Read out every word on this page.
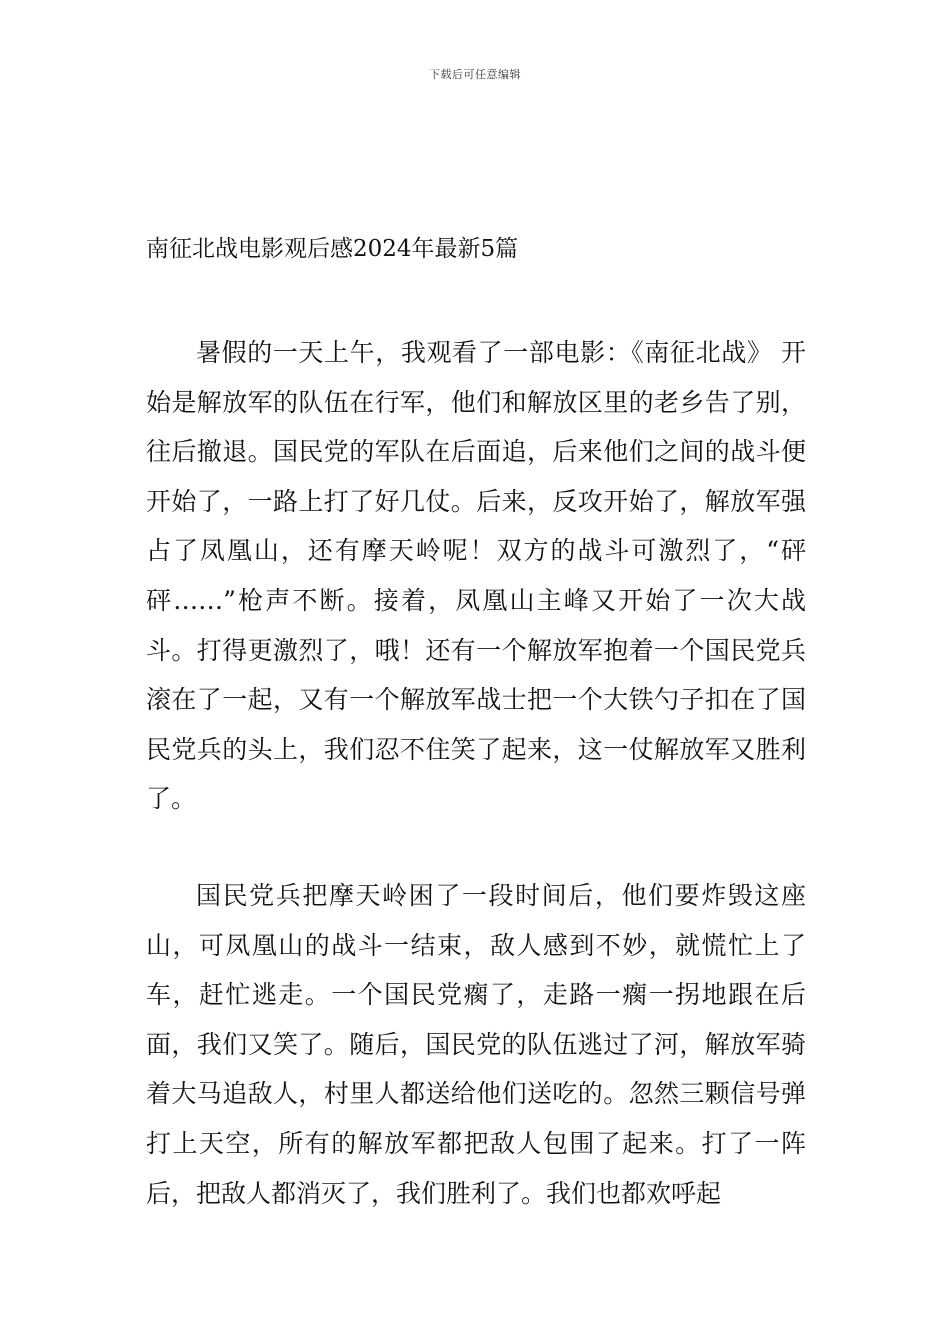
下载后可任意编辑
南征北战电影观后感2024年最新5篇

暑假的一天上午，我观看了一部电影：《南征北战》 开始是解放军的队伍在行军，他们和解放区里的老乡告了别，往后撤退。国民党的军队在后面追，后来他们之间的战斗便开始了，一路上打了好几仗。后来，反攻开始了，解放军强占了凤凰山，还有摩天岭呢！双方的战斗可激烈了，“砰砰……”枪声不断。接着，凤凰山主峰又开始了一次大战斗。打得更激烈了，哦！还有一个解放军抱着一个国民党兵滚在了一起，又有一个解放军战士把一个大铁勺子扣在了国民党兵的头上，我们忍不住笑了起来，这一仗解放军又胜利了。

国民党兵把摩天岭困了一段时间后，他们要炸毁这座山，可凤凰山的战斗一结束，敌人感到不妙，就慌忙上了车，赶忙逃走。一个国民党瘸了，走路一瘸一拐地跟在后面，我们又笑了。随后，国民党的队伍逃过了河，解放军骑着大马追敌人，村里人都送给他们送吃的。忽然三颗信号弹打上天空，所有的解放军都把敌人包围了起来。打了一阵后，把敌人都消灭了，我们胜利了。我们也都欢呼起
